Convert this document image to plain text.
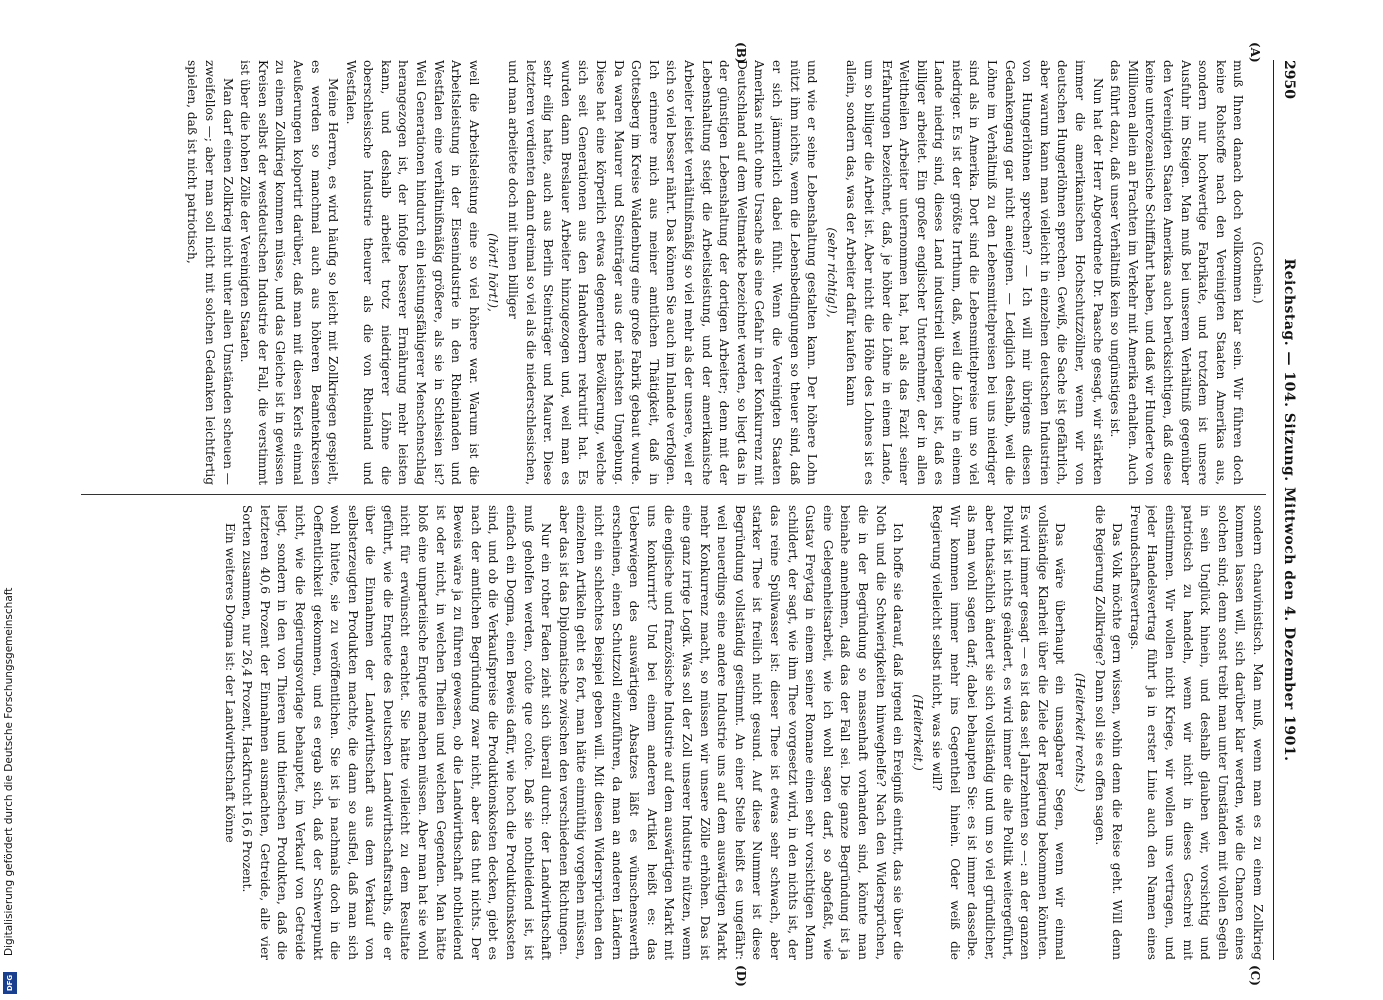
2950
Reichstag. — 104. Sitzung. Mittwoch den 4. Dezember 1901.
(A)
(B)
(C)
(D)
(Gothein.)

muß Ihnen danach doch vollkommen klar sein. Wir führen doch keine Rohstoffe nach den Vereinigten Staaten Amerikas aus, sondern nur hochwertige Fabrikate, und trotzdem ist unsere Ausfuhr im Steigen. Man muß bei unserem Verhältniß gegenüber den Vereinigten Staaten Amerikas auch berücksichtigen, daß diese keine unterozeanische Schifffahrt haben, und daß wir Hunderte von Millionen allein an Frachten im Verkehr mit Amerika erhalten. Auch das führt dazu, daß unser Verhältniß kein so ungünstiges ist.

Nun hat der Herr Abgeordnete Dr. Paasche gesagt, wir stärkten immer die amerikanischen Hochschutzzöllner, wenn wir von deutschen Hungerlöhnen sprechen. Gewiß, die Sache ist gefährlich, aber warum kann man vielleicht in einzelnen deutschen Industrien von Hungerlöhnen sprechen? — Ich will mir übrigens diesen Gedankengang gar nicht aneignen. — Lediglich deshalb, weil die Löhne im Verhältniß zu den Lebensmittelpreisen bei uns niedriger sind als in Amerika. Dort sind die Lebensmittelpreise um so viel niedriger. Es ist der größte Irrthum, daß, weil die Löhne in einem Lande niedrig sind, dieses Land industriell überlegen ist, daß es billiger arbeitet. Ein großer englischer Unternehmer, der in allen Welttheilen Arbeiter unternommen hat, hat als das Fazit seiner Erfahrungen bezeichnet, daß, je höher die Löhne in einem Lande, um so billiger die Arbeit ist. Aber nicht die Höhe des Lohnes ist es allein, sondern das, was der Arbeiter dafür kaufen kann

(sehr richtig!),

und wie er seine Lebenshaltung gestalten kann. Der höhere Lohn nützt ihm nichts, wenn die Lebensbedingungen so theuer sind, daß er sich jämmerlich dabei fühlt. Wenn die Vereinigten Staaten Amerikas nicht ohne Ursache als eine Gefahr in der Konkurrenz mit Deutschland auf dem Weltmarkte bezeichnet werden, so liegt das in der günstigen Lebenshaltung der dortigen Arbeiter; denn mit der Lebenshaltung steigt die Arbeitsleistung, und der amerikanische Arbeiter leistet verhältnißmäßig so viel mehr als der unsere, weil er sich so viel besser nährt. Das können Sie auch im Inlande verfolgen. Ich erinnere mich aus meiner amtlichen Thätigkeit, daß in Gottesberg im Kreise Waldenburg eine große Fabrik gebaut wurde. Da waren Maurer und Steinträger aus der nächsten Umgebung. Diese hat eine körperlich etwas degenerirte Bevölkerung, welche sich seit Generationen aus den Handwebern rekrutirt hat. Es wurden dann Breslauer Arbeiter hinzugezogen und, weil man es sehr eilig hatte, auch aus Berlin Steinträger und Maurer. Diese letzteren verdienten dann dreimal so viel als die niederschlesischen, und man arbeitete doch mit ihnen billiger

(hört! hört!),

weil die Arbeitsleistung eine so viel höhere war. Warum ist die Arbeitsleistung in der Eisenindustrie in den Rheinlanden und Westfalen eine verhältnißmäßig größere, als sie in Schlesien ist? Weil Generationen hindurch ein leistungsfähigerer Menschenschlag herangezogen ist, der infolge besserer Ernährung mehr leisten kann, und deshalb arbeitet trotz niedrigerer Löhne die oberschlesische Industrie theurer als die von Rheinland und Westfalen.

Meine Herren, es wird häufig so leicht mit Zollkriegen gespielt, es werden so manchmal auch aus höheren Beamtenkreisen Aeußerungen kolportirt darüber, daß man mit diesen Kerls einmal zu einem Zollkrieg kommen müsse, und das Gleiche ist in gewissen Kreisen selbst der westdeutschen Industrie der Fall, die verstimmt ist über die hohen Zölle der Vereinigten Staaten.

Man darf einen Zollkrieg nicht unter allen Umständen scheuen — zweifellos —; aber man soll nicht mit solchen Gedanken leichtfertig spielen, daß ist nicht patriotisch,

sondern chauvinistisch. Man muß, wenn man es zu einem Zollkrieg kommen lassen will, sich darüber klar werden, wie die Chancen eines solchen sind; denn sonst treibt man unter Umständen mit vollen Segeln in sein Unglück hinein, und deshalb glauben wir, vorsichtig und patriotisch zu handeln, wenn wir nicht in dieses Geschrei mit einstimmen. Wir wollen nicht Kriege, wir wollen uns vertragen, und jeder Handelsvertrag führt ja in erster Linie auch den Namen eines Freundschaftsvertrags.

Das Volk möchte gern wissen, wohin denn die Reise geht. Will denn die Regierung Zollkriege? Dann soll sie es offen sagen.

(Heiterkeit rechts.)

Das wäre überhaupt ein unsagbarer Segen, wenn wir einmal vollständige Klarheit über die Ziele der Regierung bekommen könnten. Es wird immer gesagt — es ist das seit Jahrzehnten so —: an der ganzen Politik ist nichts geändert, es wird immer die alte Politik weitergeführt, aber thatsächlich ändert sie sich vollständig und um so viel gründlicher, als man wohl sagen darf; dabei behaupten Sie: es ist immer dasselbe. Wir kommen immer mehr ins Gegentheil hinein. Oder weiß die Regierung vielleicht selbst nicht, was sie will?

(Heiterkeit.)

Ich hoffe sie darauf, daß irgend ein Ereigniß eintritt, das sie über die Noth und die Schwierigkeiten hinweghelfe? Nach den Widersprüchen, die in der Begründung so massenhaft vorhanden sind, könnte man beinahe annehmen, daß das der Fall sei. Die ganze Begründung ist ja eine Gelegenheitsarbeit, wie ich wohl sagen darf, so abgefaßt, wie Gustav Freytag in einem seiner Romane einen sehr vorsichtigen Mann schildert, der sagt, wie ihm Thee vorgesetzt wird, in den nichts ist, der das reine Spülwasser ist: dieser Thee ist etwas sehr schwach, aber starker Thee ist freilich nicht gesund. Auf diese Nummer ist diese Begründung vollständig gestimmt. An einer Stelle heißt es ungefähr: weil neuerdings eine andere Industrie uns auf dem auswärtigen Markt mehr Konkurrenz macht, so müssen wir unsere Zölle erhöhen. Das ist eine ganz irrige Logik. Was soll der Zoll unserer Industrie nützen, wenn die englische und französische Industrie auf dem auswärtigen Markt mit uns konkurrirt? Und bei einem anderen Artikel heißt es: das Ueberwiegen des auswärtigen Absatzes läßt es wünschenswerth erscheinen, einen Schutzzoll einzuführen, da man an anderen Ländern nicht ein schlechtes Beispiel geben will. Mit diesen Widersprüchen den einzelnen Artikeln geht es fort, man hätte einmüthig vorgehen müssen, aber das ist das Diplomatische zwischen den verschiedenen Richtungen.

Nur ein rother Faden zieht sich überall durch: der Landwirthschaft muß geholfen werden, coûte que coûte. Daß sie nothleidend ist, ist einfach ein Dogma, einen Beweis dafür, wie hoch die Produktionskosten sind, und ob die Verkaufspreise die Produktionskosten decken, giebt es nach der amtlichen Begründung zwar nicht, aber das thut nichts. Der Beweis wäre ja zu führen gewesen, ob die Landwirthschaft nothleidend ist oder nicht, in welchen Theilen und welchen Gegenden. Man hätte bloß eine unparteiische Enquete machen müssen. Aber man hat sie wohl nicht für erwünscht erachtet. Sie hätte vielleicht zu dem Resultate geführt, wie die Enquete des Deutschen Landwirthschaftsraths, die er über die Einnahmen der Landwirthschaft aus dem Verkauf von selbsterzeugten Produkten machte, die dann so ausfiel, daß man sich wohl hütete, sie zu veröffentlichen. Sie ist ja nachmals doch in die Oeffentlichkeit gekommen, und es ergab sich, daß der Schwerpunkt nicht, wie die Regierungsvorlage behauptet, im Verkauf von Getreide liegt, sondern in den von Thieren und thierischen Produkten, daß die letzteren 40,6 Prozent der Einnahmen ausmachten, Getreide, alle vier Sorten zusammen, nur 26,4 Prozent, Hackfrucht 16,6 Prozent.

Ein weiteres Dogma ist: der Landwirthschaft könne

Digitalisierung gefördert durch die Deutsche Forschungsgemeinschaft
DFG
